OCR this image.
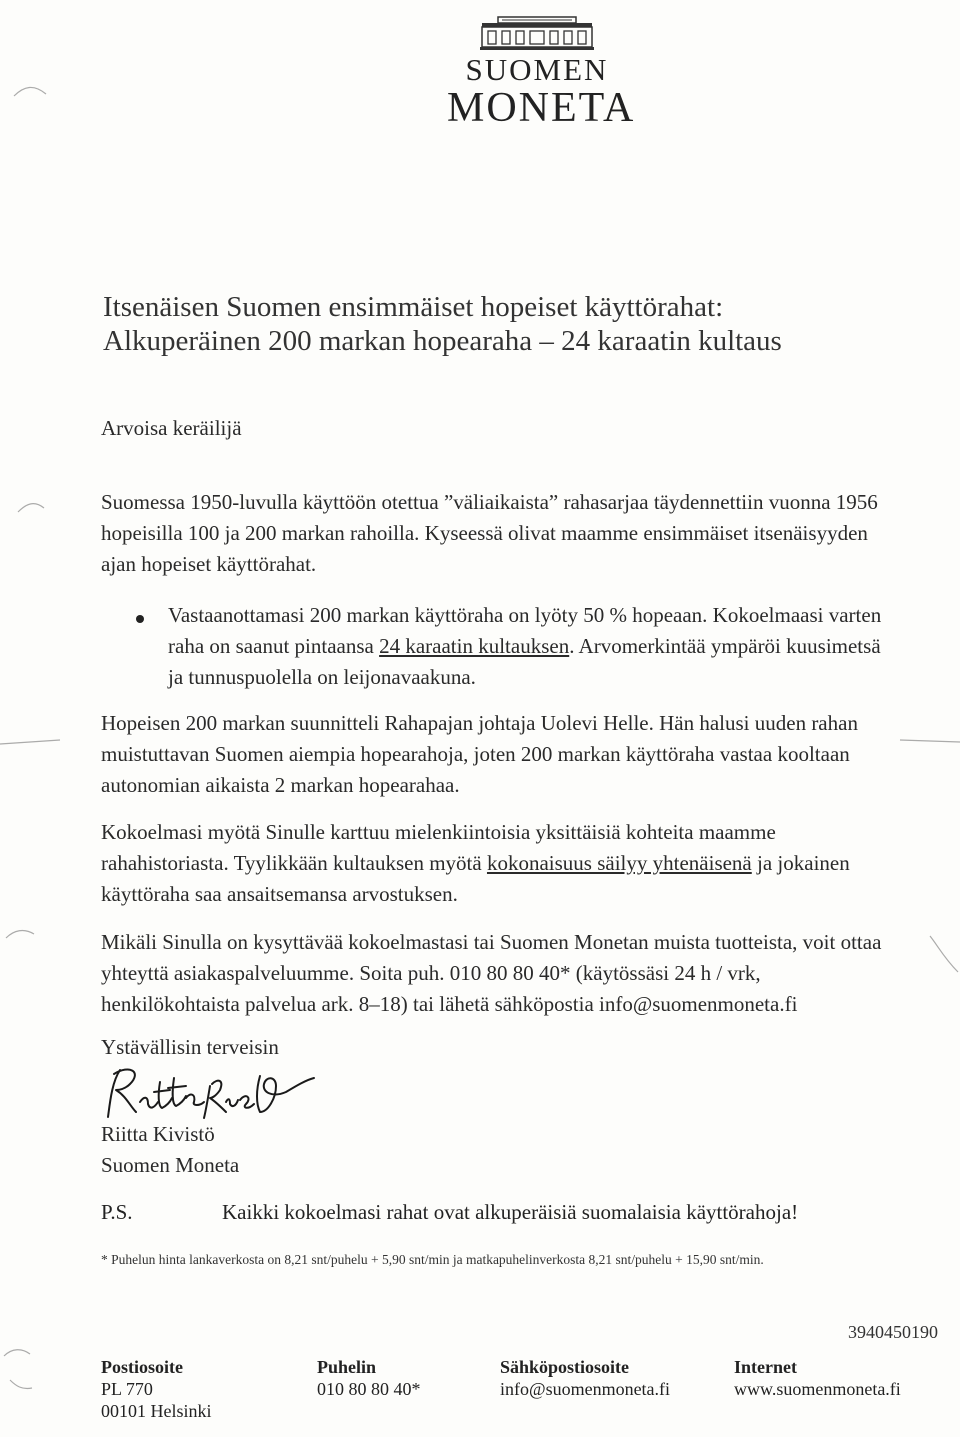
SUOMEN
MONETA
Itsenäisen Suomen ensimmäiset hopeiset käyttörahat:
Alkuperäinen 200 markan hopearaha – 24 karaatin kultaus
Arvoisa keräilijä
Suomessa 1950-luvulla käyttöön otettua ”väliaikaista” rahasarjaa täydennettiin vuonna 1956
hopeisilla 100 ja 200 markan rahoilla. Kyseessä olivat maamme ensimmäiset itsenäisyyden
ajan hopeiset käyttörahat.
Vastaanottamasi 200 markan käyttöraha on lyöty 50 % hopeaan. Kokoelmaasi varten
raha on saanut pintaansa 24 karaatin kultauksen. Arvomerkintää ympäröi kuusimetsä
ja tunnuspuolella on leijonavaakuna.
Hopeisen 200 markan suunnitteli Rahapajan johtaja Uolevi Helle. Hän halusi uuden rahan
muistuttavan Suomen aiempia hopearahoja, joten 200 markan käyttöraha vastaa kooltaan
autonomian aikaista 2 markan hopearahaa.
Kokoelmasi myötä Sinulle karttuu mielenkiintoisia yksittäisiä kohteita maamme
rahahistoriasta. Tyylikkään kultauksen myötä kokonaisuus säilyy yhtenäisenä ja jokainen
käyttöraha saa ansaitsemansa arvostuksen.
Mikäli Sinulla on kysyttävää kokoelmastasi tai Suomen Monetan muista tuotteista, voit ottaa
yhteyttä asiakaspalveluumme. Soita puh. 010 80 80 40* (käytössäsi 24 h / vrk,
henkilökohtaista palvelua ark. 8–18) tai lähetä sähköpostia info@suomenmoneta.fi
Ystävällisin terveisin
Riitta Kivistö
Suomen Moneta
P.S.	Kaikki kokoelmasi rahat ovat alkuperäisiä suomalaisia käyttörahoja!
* Puhelun hinta lankaverkosta on 8,21 snt/puhelu + 5,90 snt/min ja matkapuhelinverkosta 8,21 snt/puhelu + 15,90 snt/min.
3940450190
Postiosoite
PL 770
00101 Helsinki
Puhelin
010 80 80 40*
Sähköpostiosoite
info@suomenmoneta.fi
Internet
www.suomenmoneta.fi
